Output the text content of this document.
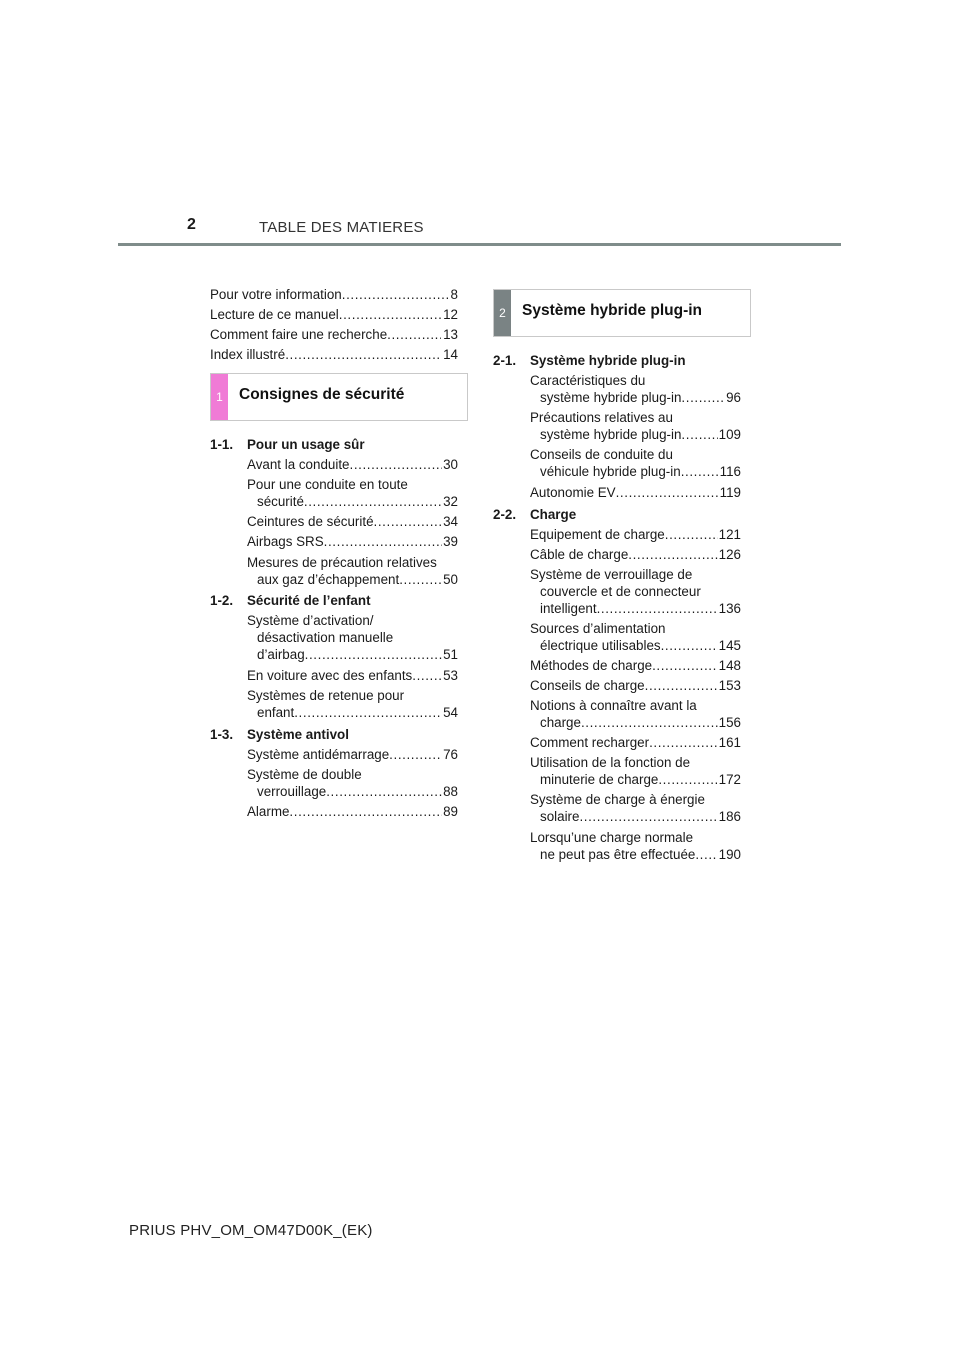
2	TABLE DES MATIERES
Pour votre information .....	8
Lecture de ce manuel .....	12
Comment faire une recherche .....	13
Index illustré .....	14
1	Consignes de sécurité
1-1. Pour un usage sûr
Avant la conduite .....	30
Pour une conduite en toute
sécurité .....	32
Ceintures de sécurité .....	34
Airbags SRS .....	39
Mesures de précaution relatives
aux gaz d’échappement .....	50
1-2. Sécurité de l’enfant
Système d’activation/
désactivation manuelle
d’airbag .....	51
En voiture avec des enfants ..... 53
Systèmes de retenue pour
enfant .....	54
1-3. Système antivol
Système antidémarrage .....	76
Système de double
verrouillage .....	88
Alarme .....	89
2	Système hybride plug-in
2-1. Système hybride plug-in
Caractéristiques du
système hybride plug-in .....	96
Précautions relatives au
système hybride plug-in .....	109
Conseils de conduite du
véhicule hybride plug-in .....	116
Autonomie EV .....	119
2-2. Charge
Equipement de charge .....	121
Câble de charge .....	126
Système de verrouillage de
couvercle et de connecteur
intelligent .....	136
Sources d’alimentation
électrique utilisables .....	145
Méthodes de charge .....	148
Conseils de charge .....	153
Notions à connaître avant la
charge .....	156
Comment recharger .....	161
Utilisation de la fonction de
minuterie de charge .....	172
Système de charge à énergie
solaire .....	186
Lorsqu’une charge normale
ne peut pas être effectuée ..... 190
PRIUS PHV_OM_OM47D00K_(EK)
